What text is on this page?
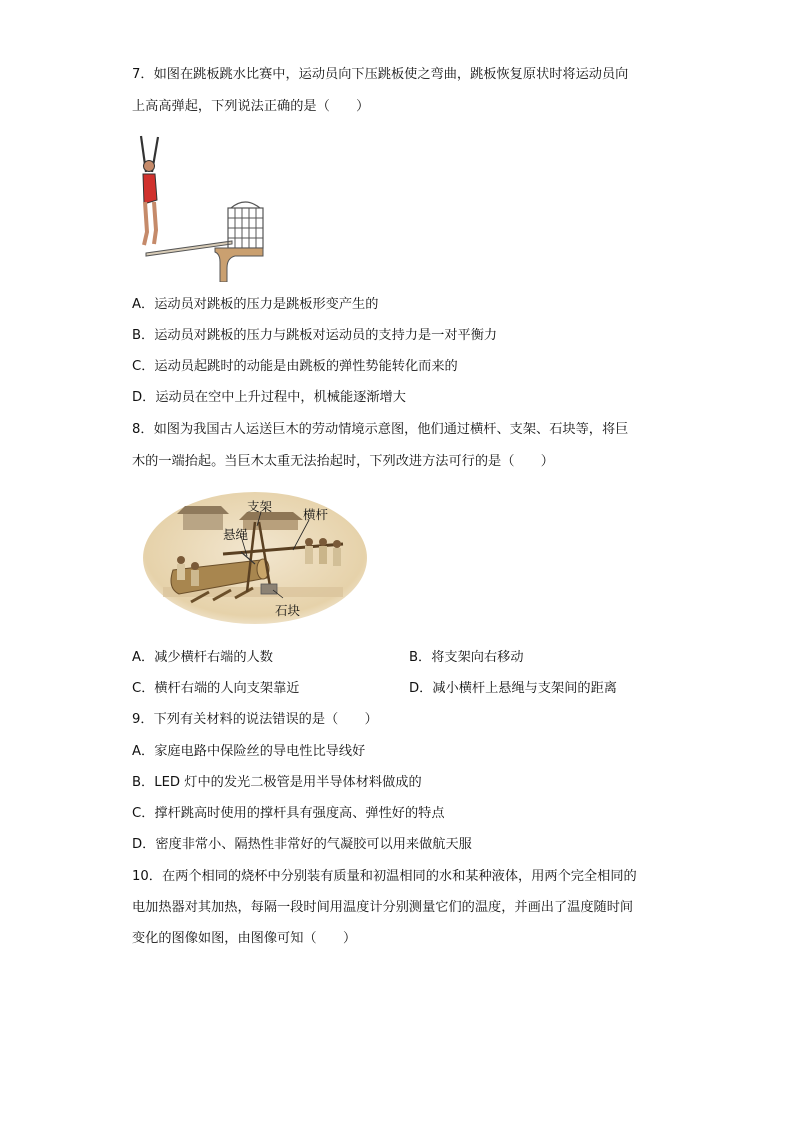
7．如图在跳板跳水比赛中，运动员向下压跳板使之弯曲，跳板恢复原状时将运动员向
上高高弹起，下列说法正确的是（　　）
A．运动员对跳板的压力是跳板形变产生的
B．运动员对跳板的压力与跳板对运动员的支持力是一对平衡力
C．运动员起跳时的动能是由跳板的弹性势能转化而来的
D．运动员在空中上升过程中，机械能逐渐增大
8．如图为我国古人运送巨木的劳动情境示意图，他们通过横杆、支架、石块等，将巨
木的一端抬起。当巨木太重无法抬起时，下列改进方法可行的是（　　）
支架
横杆
悬绳
石块
A．减少横杆右端的人数	B．将支架向右移动
C．横杆右端的人向支架靠近	D．减小横杆上悬绳与支架间的距离
9．下列有关材料的说法错误的是（　　）
A．家庭电路中保险丝的导电性比导线好
B．LED 灯中的发光二极管是用半导体材料做成的
C．撑杆跳高时使用的撑杆具有强度高、弹性好的特点
D．密度非常小、隔热性非常好的气凝胶可以用来做航天服
10．在两个相同的烧杯中分别装有质量和初温相同的水和某种液体，用两个完全相同的
电加热器对其加热，每隔一段时间用温度计分别测量它们的温度，并画出了温度随时间
变化的图像如图，由图像可知（　　）
